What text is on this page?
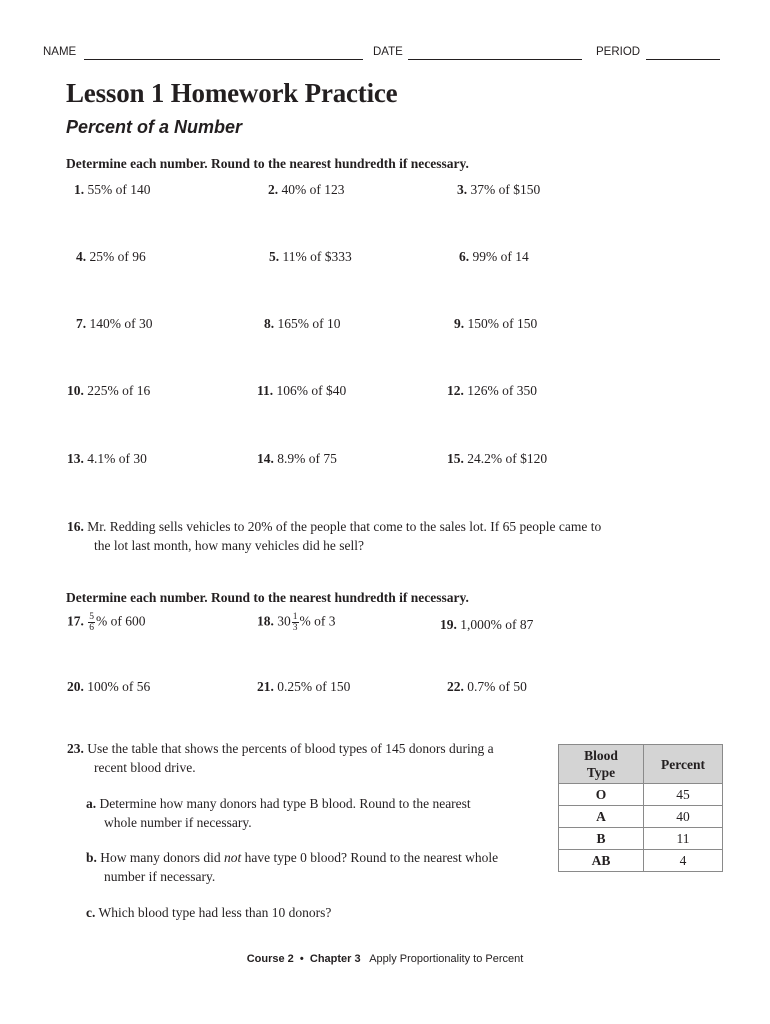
NAME	DATE	PERIOD
Lesson 1 Homework Practice
Percent of a Number
Determine each number. Round to the nearest hundredth if necessary.
1. 55% of 140	2. 40% of 123	3. 37% of $150
4. 25% of 96	5. 11% of $333	6. 99% of 14
7. 140% of 30	8. 165% of 10	9. 150% of 150
10. 225% of 16	11. 106% of $40	12. 126% of 350
13. 4.1% of 30	14. 8.9% of 75	15. 24.2% of $120
16. Mr. Redding sells vehicles to 20% of the people that come to the sales lot. If 65 people came to
the lot last month, how many vehicles did he sell?
Determine each number. Round to the nearest hundredth if necessary.
17. $\frac{5}{6}$ % of 600	18. $30 \frac{1}{3}$ % of 3	19. 1,000% of 87
20. 100% of 56	21. 0.25% of 150	22. 0.7% of 50
23. Use the table that shows the percents of blood types of 145 donors during a
recent blood drive.
a. Determine how many donors had type B blood. Round to the nearest
whole number if necessary.
b. How many donors did not have type 0 blood? Round to the nearest whole
number if necessary.
c. Which blood type had less than 10 donors?
Blood
Type	Percent
O	45
A	40
B	11
AB	4
Course 2 • Chapter 3 Apply Proportionality to Percent
